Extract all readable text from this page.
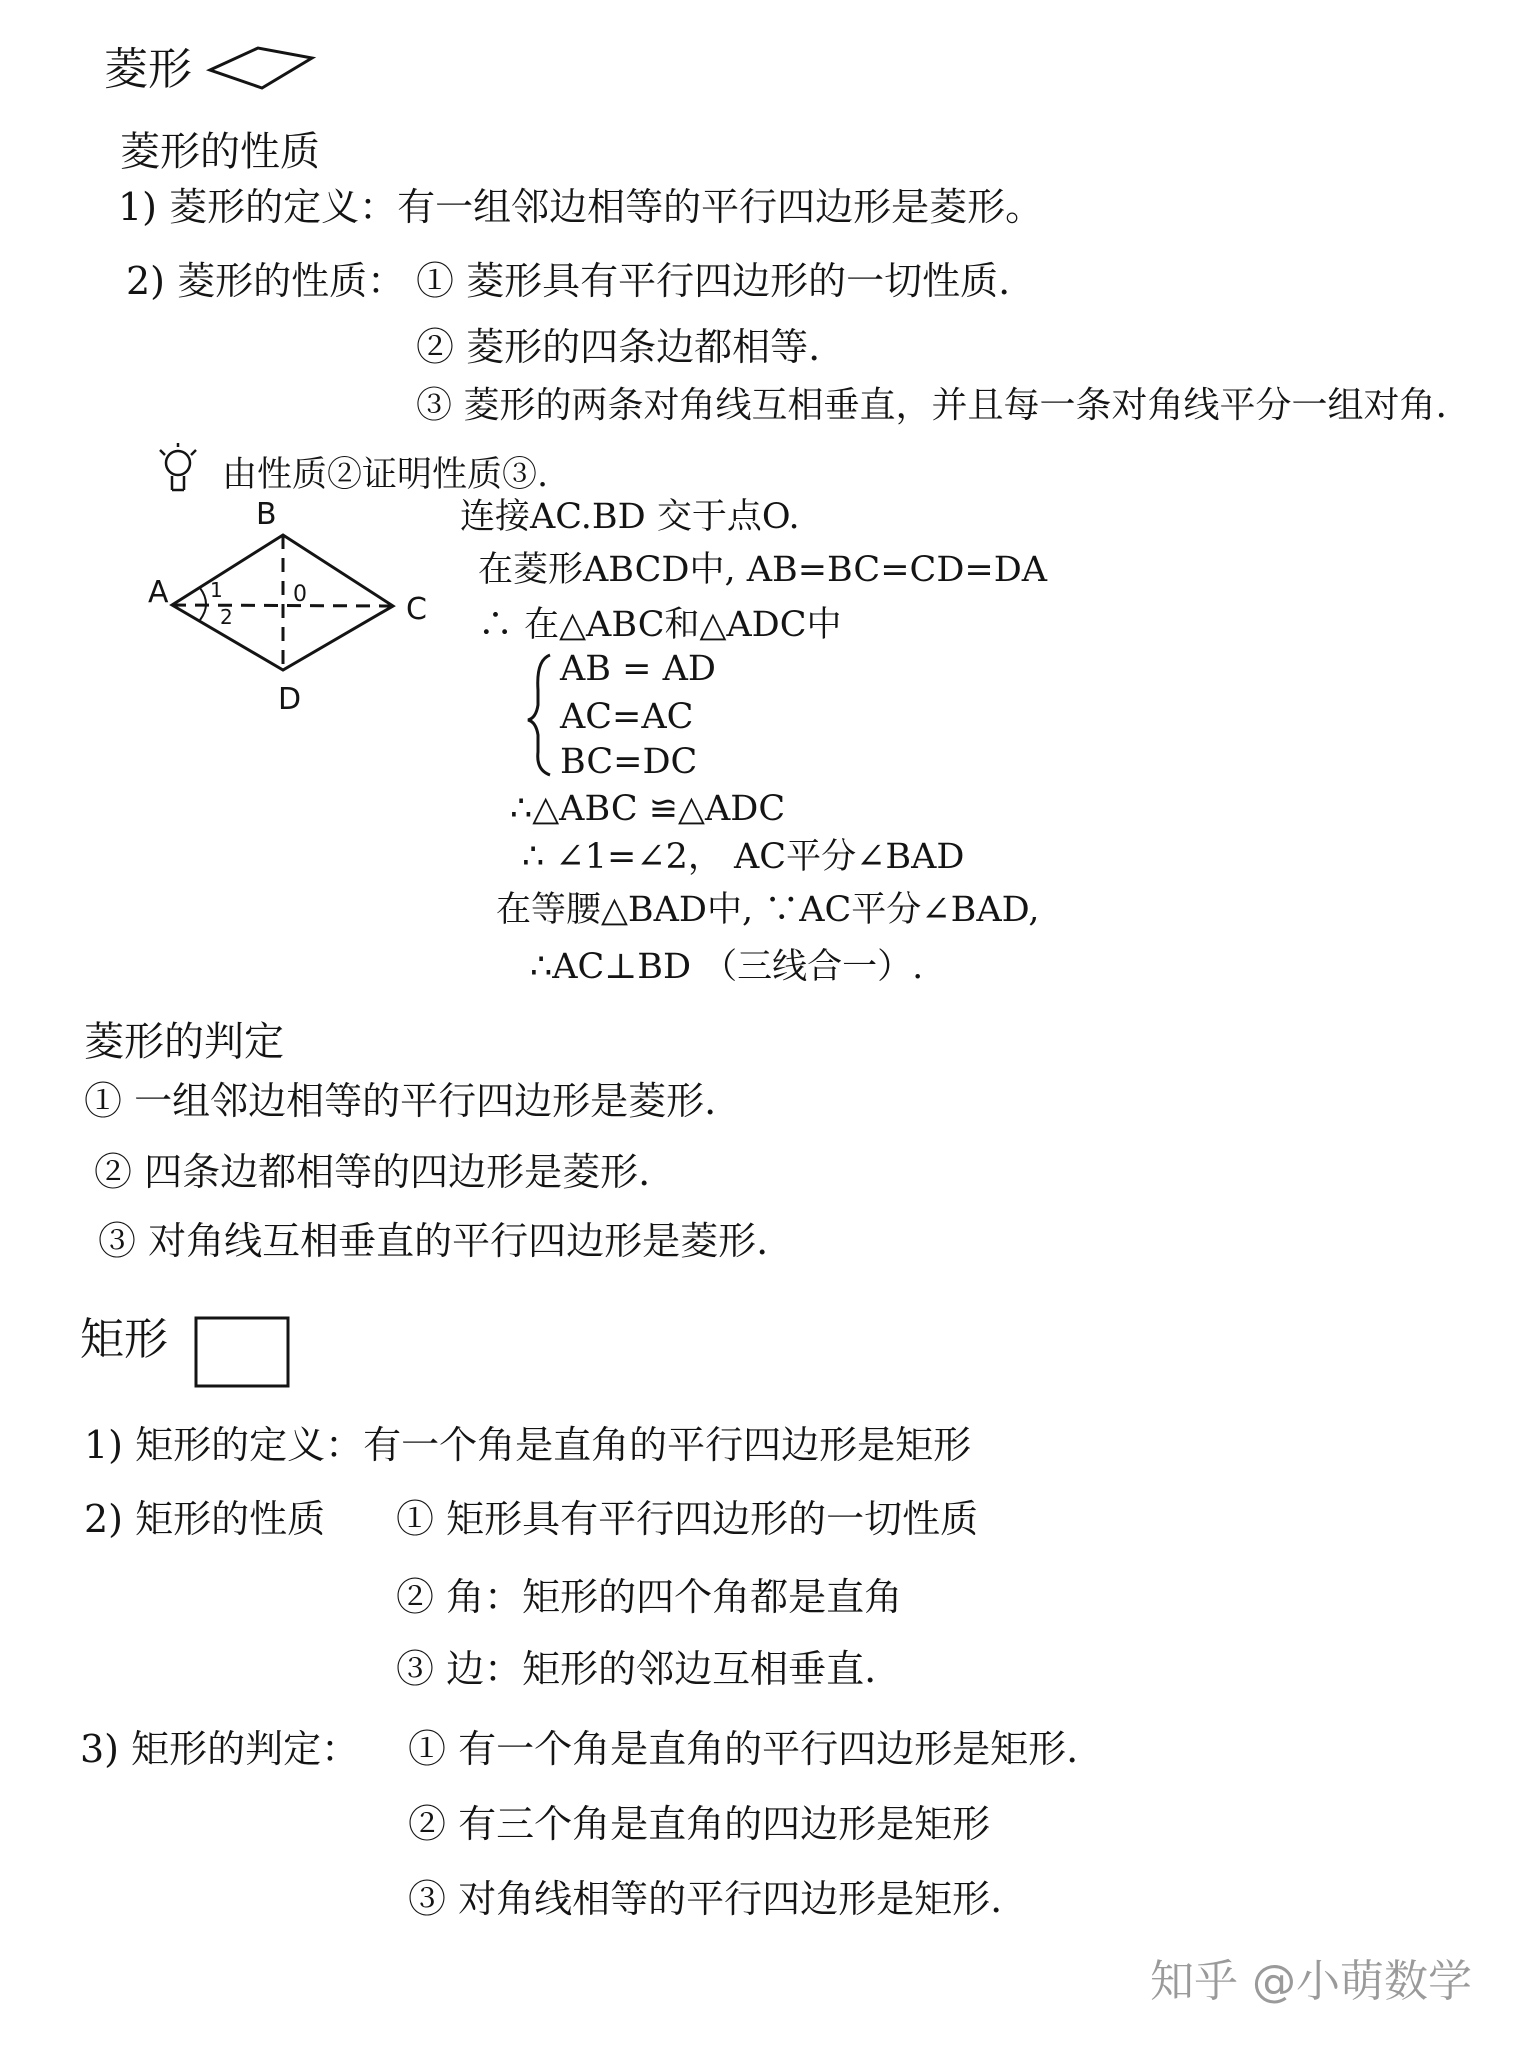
菱形
菱形的性质
1) 菱形的定义：有一组邻边相等的平行四边形是菱形。
2) 菱形的性质： ① 菱形具有平行四边形的一切性质.
② 菱形的四条边都相等.
③ 菱形的两条对角线互相垂直，并且每一条对角线平分一组对角.
由性质②证明性质③.
B
A	C
D
0
1
2
连接AC.BD 交于点O.
在菱形ABCD中, AB=BC=CD=DA
∴ 在△ABC和△ADC中
AB = AD
AC=AC
BC=DC
∴△ABC ≌△ADC
∴ ∠1=∠2， AC平分∠BAD
在等腰△BAD中, ∵AC平分∠BAD,
∴AC⊥BD （三线合一）.
菱形的判定
① 一组邻边相等的平行四边形是菱形.
② 四条边都相等的四边形是菱形.
③ 对角线互相垂直的平行四边形是菱形.
矩形
1) 矩形的定义：有一个角是直角的平行四边形是矩形
2) 矩形的性质 ① 矩形具有平行四边形的一切性质
② 角：矩形的四个角都是直角
③ 边：矩形的邻边互相垂直.
3) 矩形的判定： ① 有一个角是直角的平行四边形是矩形.
② 有三个角是直角的四边形是矩形
③ 对角线相等的平行四边形是矩形.
知乎 @小萌数学
